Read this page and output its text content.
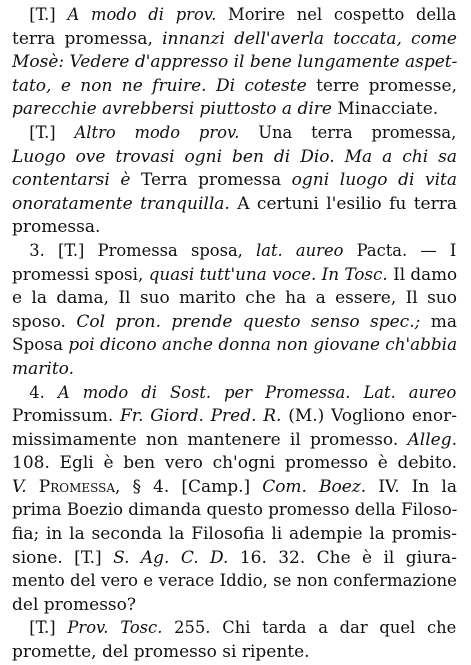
[T.] A modo di prov. Morire nel cospetto della
terra promessa, innanzi dell'averla toccata, come
Mosè: Vedere d'appresso il bene lungamente aspet-
tato, e non ne fruire. Di coteste terre promesse,
parecchie avrebbersi piuttosto a dire Minacciate.
[T.] Altro modo prov. Una terra promessa,
Luogo ove trovasi ogni ben di Dio. Ma a chi sa
contentarsi è Terra promessa ogni luogo di vita
onoratamente tranquilla. A certuni l'esilio fu terra
promessa.
3. [T.] Promessa sposa, lat. aureo Pacta. — I
promessi sposi, quasi tutt'una voce. In Tosc. Il damo
e la dama, Il suo marito che ha a essere, Il suo
sposo. Col pron. prende questo senso spec.; ma
Sposa poi dicono anche donna non giovane ch'abbia
marito.
4. A modo di Sost. per Promessa. Lat. aureo
Promissum. Fr. Giord. Pred. R. (M.) Vogliono enor-
missimamente non mantenere il promesso. Alleg.
108. Egli è ben vero ch'ogni promesso è debito.
V. Promessa, § 4. [Camp.] Com. Boez. IV. In la
prima Boezio dimanda questo promesso della Filoso-
fia; in la seconda la Filosofia li adempie la promis-
sione. [T.] S. Ag. C. D. 16. 32. Che è il giura-
mento del vero e verace Iddio, se non confermazione
del promesso?
[T.] Prov. Tosc. 255. Chi tarda a dar quel che
promette, del promesso si ripente.
